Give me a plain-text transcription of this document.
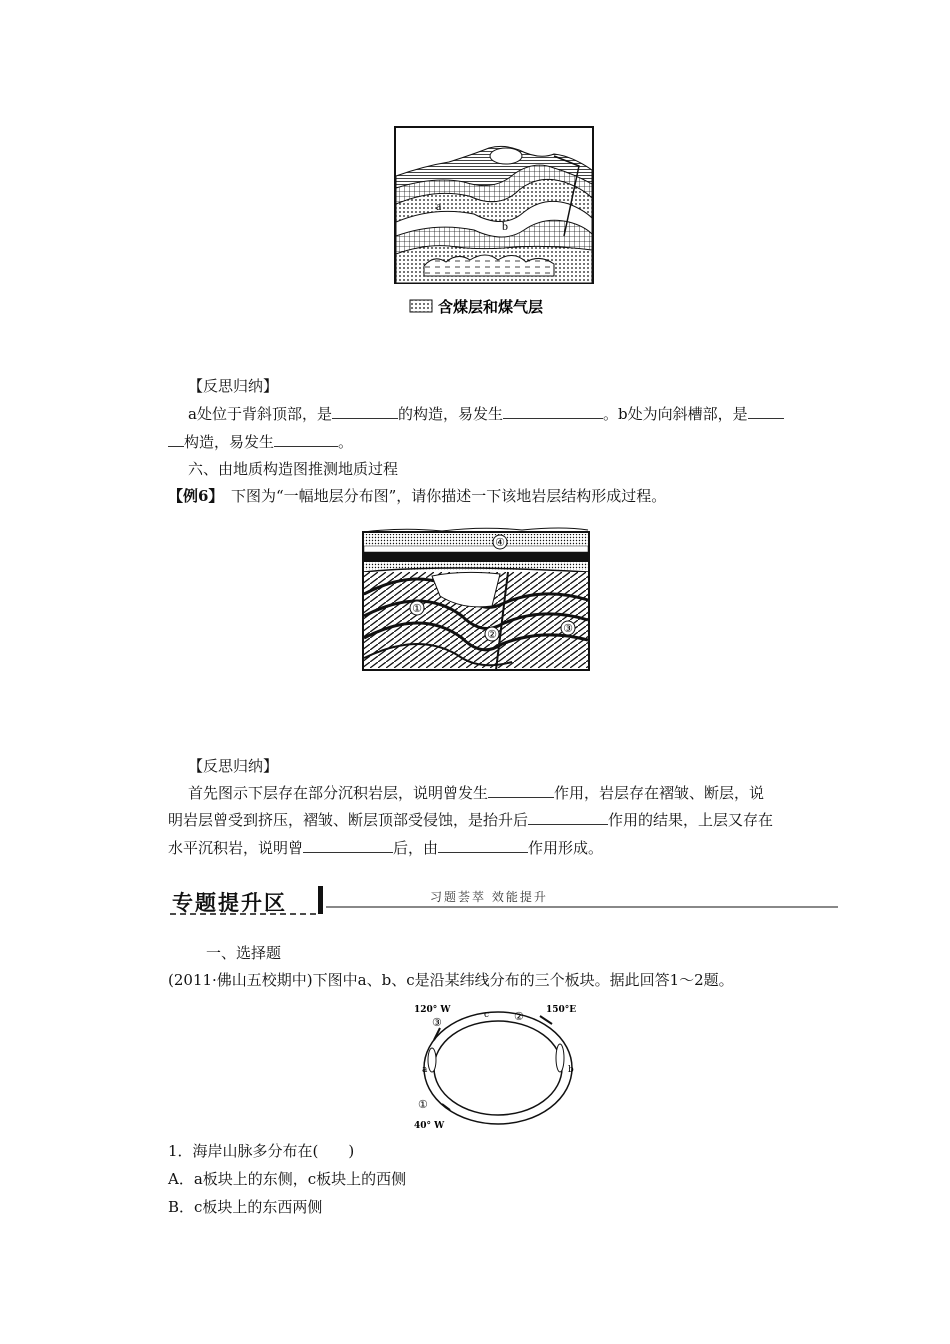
a
b
含煤层和煤气层
【反思归纳】
a处位于背斜顶部，是	的构造，易发生	。b处为向斜槽部，是
构造，易发生	。
六、由地质构造图推测地质过程
【例6】  下图为“一幅地层分布图”，请你描述一下该地岩层结构形成过程。
④
①
②	③
【反思归纳】
首先图示下层存在部分沉积岩层，说明曾发生	作用，岩层存在褶皱、断层，说
明岩层曾受到挤压，褶皱、断层顶部受侵蚀，是抬升后	作用的结果，上层又存在
水平沉积岩，说明曾	后，由	作用形成。
专题提升区	习题荟萃 效能提升
一、选择题
(2011·佛山五校期中)下图中a、b、c是沿某纬线分布的三个板块。据此回答1～2题。
120° W	150°E
40° W
③	②
①
c
a	b
1．海岸山脉多分布在(　　)
A．a板块上的东侧，c板块上的西侧
B．c板块上的东西两侧
